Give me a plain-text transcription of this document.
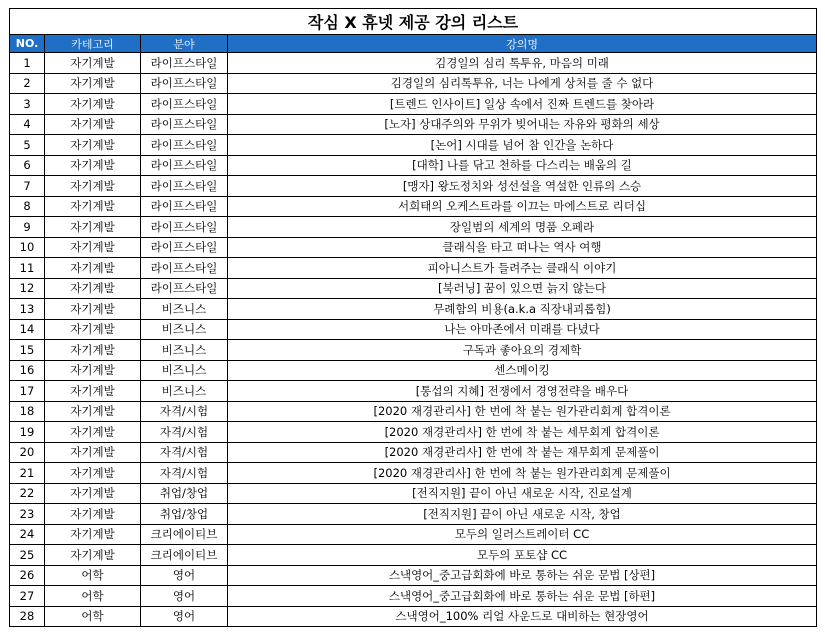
작심 X 휴넷 제공 강의 리스트			
NO.	카테고리	분야	강의명
1	자기계발	라이프스타일	김경일의 심리 톡투유, 마음의 미래
2	자기계발	라이프스타일	김경일의 심리톡투유, 너는 나에게 상처를 줄 수 없다
3	자기계발	라이프스타일	[트렌드 인사이트] 일상 속에서 진짜 트렌드를 찾아라
4	자기계발	라이프스타일	[노자] 상대주의와 무위가 빚어내는 자유와 평화의 세상
5	자기계발	라이프스타일	[논어] 시대를 넘어 참 인간을 논하다
6	자기계발	라이프스타일	[대학] 나를 닦고 천하를 다스리는 배움의 길
7	자기계발	라이프스타일	[맹자] 왕도정치와 성선설을 역설한 인류의 스승
8	자기계발	라이프스타일	서희태의 오케스트라를 이끄는 마에스트로 리더십
9	자기계발	라이프스타일	장일범의 세계의 명품 오페라
10	자기계발	라이프스타일	클래식을 타고 떠나는 역사 여행
11	자기계발	라이프스타일	피아니스트가 들려주는 클래식 이야기
12	자기계발	라이프스타일	[북러닝] 꿈이 있으면 늙지 않는다
13	자기계발	비즈니스	무례함의 비용(a.k.a 직장내괴롭힘)
14	자기계발	비즈니스	나는 아마존에서 미래를 다녔다
15	자기계발	비즈니스	구독과 좋아요의 경제학
16	자기계발	비즈니스	센스메이킹
17	자기계발	비즈니스	[통섭의 지혜] 전쟁에서 경영전략을 배우다
18	자기계발	자격/시험	[2020 재경관리사] 한 번에 착 붙는 원가관리회계 합격이론
19	자기계발	자격/시험	[2020 재경관리사] 한 번에 착 붙는 세무회계 합격이론
20	자기계발	자격/시험	[2020 재경관리사] 한 번에 착 붙는 재무회계 문제풀이
21	자기계발	자격/시험	[2020 재경관리사] 한 번에 착 붙는 원가관리회계 문제풀이
22	자기계발	취업/창업	[전직지원] 끝이 아닌 새로운 시작, 진로설계
23	자기계발	취업/창업	[전직지원] 끝이 아닌 새로운 시작, 창업
24	자기계발	크리에이티브	모두의 일러스트레이터 CC
25	자기계발	크리에이티브	모두의 포토샵 CC
26	어학	영어	스낵영어_중고급회화에 바로 통하는 쉬운 문법 [상편]
27	어학	영어	스낵영어_중고급회화에 바로 통하는 쉬운 문법 [하편]
28	어학	영어	스낵영어_100% 리얼 사운드로 대비하는 현장영어
